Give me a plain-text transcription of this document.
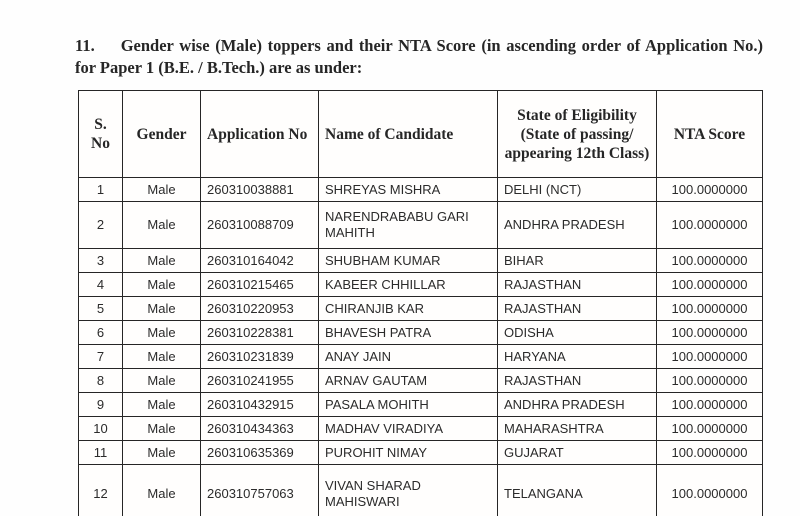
11. Gender wise (Male) toppers and their NTA Score (in ascending order of Application No.) for Paper 1 (B.E. / B.Tech.) are as under:

S. No	Gender	Application No	Name of Candidate	State of Eligibility (State of passing/ appearing 12th Class)	NTA Score
1	Male	260310038881	SHREYAS MISHRA	DELHI (NCT)	100.0000000
2	Male	260310088709	NARENDRABABU GARI MAHITH	ANDHRA PRADESH	100.0000000
3	Male	260310164042	SHUBHAM KUMAR	BIHAR	100.0000000
4	Male	260310215465	KABEER CHHILLAR	RAJASTHAN	100.0000000
5	Male	260310220953	CHIRANJIB KAR	RAJASTHAN	100.0000000
6	Male	260310228381	BHAVESH PATRA	ODISHA	100.0000000
7	Male	260310231839	ANAY JAIN	HARYANA	100.0000000
8	Male	260310241955	ARNAV GAUTAM	RAJASTHAN	100.0000000
9	Male	260310432915	PASALA MOHITH	ANDHRA PRADESH	100.0000000
10	Male	260310434363	MADHAV VIRADIYA	MAHARASHTRA	100.0000000
11	Male	260310635369	PUROHIT NIMAY	GUJARAT	100.0000000
12	Male	260310757063	VIVAN SHARAD MAHISWARI	TELANGANA	100.0000000
